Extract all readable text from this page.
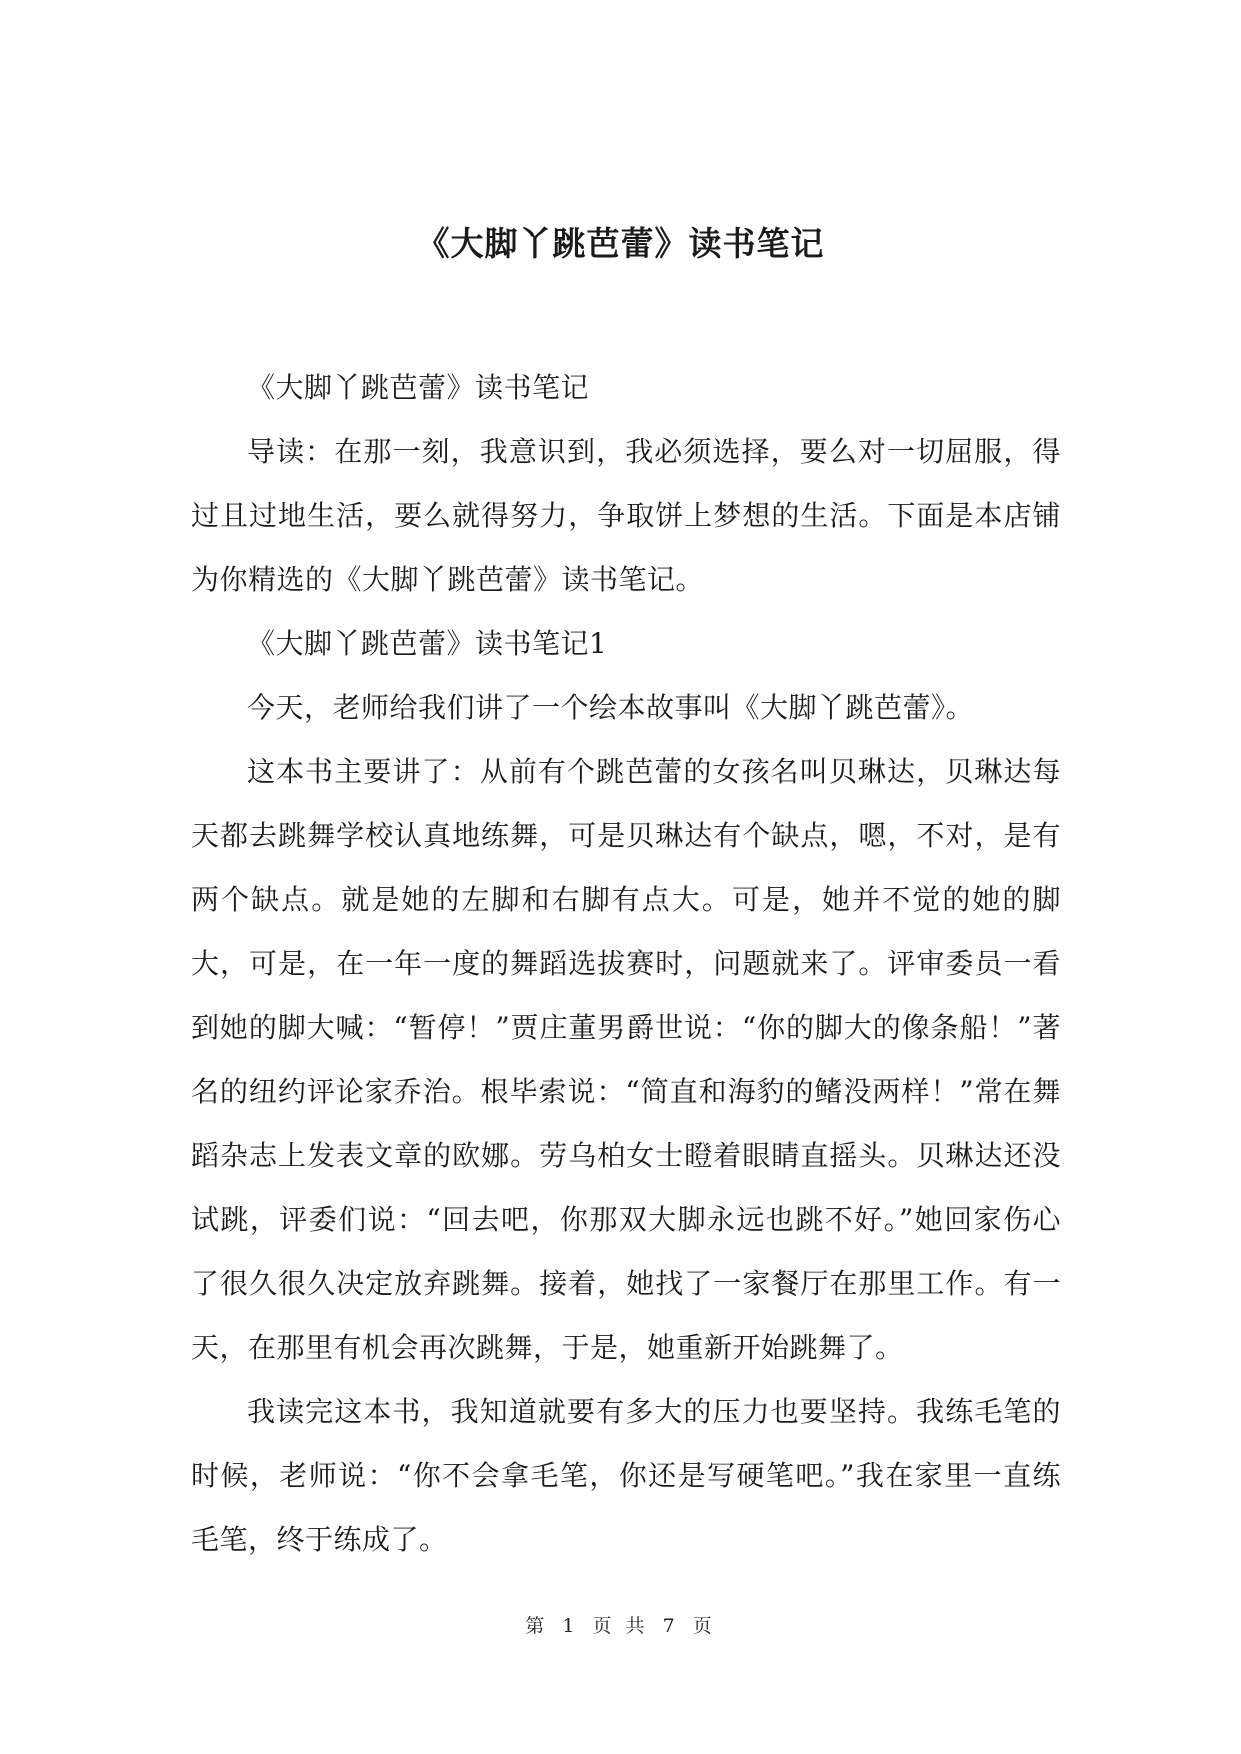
《大脚丫跳芭蕾》读书笔记

《大脚丫跳芭蕾》读书笔记

导读：在那一刻，我意识到，我必须选择，要么对一切屈服，得过且过地生活，要么就得努力，争取饼上梦想的生活。下面是本店铺为你精选的《大脚丫跳芭蕾》读书笔记。

《大脚丫跳芭蕾》读书笔记1

今天，老师给我们讲了一个绘本故事叫《大脚丫跳芭蕾》。

这本书主要讲了：从前有个跳芭蕾的女孩名叫贝琳达，贝琳达每天都去跳舞学校认真地练舞，可是贝琳达有个缺点，嗯，不对，是有两个缺点。就是她的左脚和右脚有点大。可是，她并不觉的她的脚大，可是，在一年一度的舞蹈选拔赛时，问题就来了。评审委员一看到她的脚大喊：“暂停！”贾庄董男爵世说：“你的脚大的像条船！”著名的纽约评论家乔治。根毕索说：“简直和海豹的鳍没两样！”常在舞蹈杂志上发表文章的欧娜。劳乌柏女士瞪着眼睛直摇头。贝琳达还没试跳，评委们说：“回去吧，你那双大脚永远也跳不好。”她回家伤心了很久很久决定放弃跳舞。接着，她找了一家餐厅在那里工作。有一天，在那里有机会再次跳舞，于是，她重新开始跳舞了。

我读完这本书，我知道就要有多大的压力也要坚持。我练毛笔的时候，老师说：“你不会拿毛笔，你还是写硬笔吧。”我在家里一直练毛笔，终于练成了。

第 1 页 共 7 页
